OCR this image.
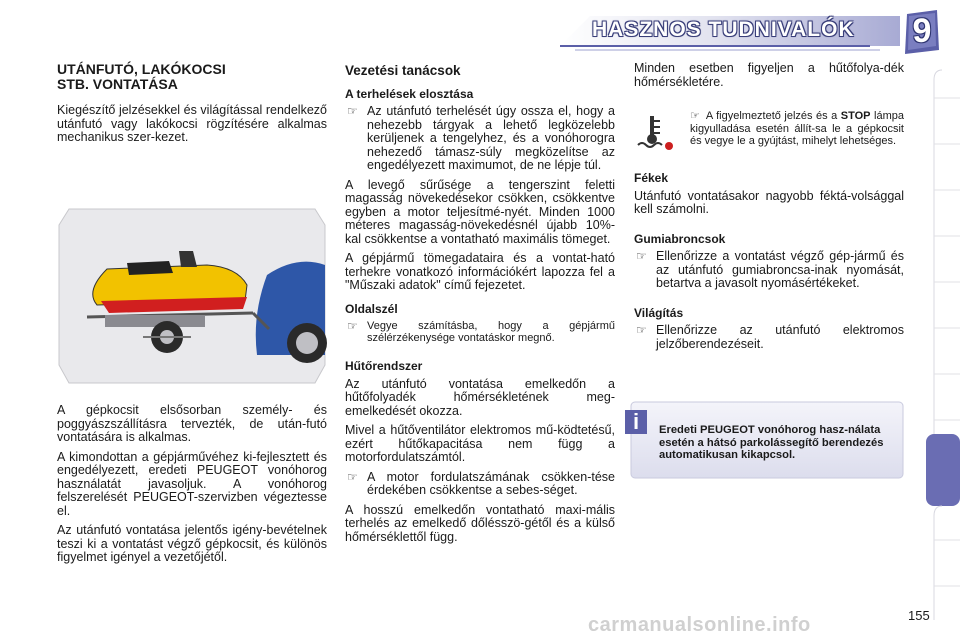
HASZNOS TUDNIVALÓK 9
UTÁNFUTÓ, LAKÓKOCSI
STB. VONTATÁSA

Kiegészítő jelzésekkel és világítással rendelkező utánfutó vagy lakókocsi rögzítésére alkalmas mechanikus szer-kezet.

A gépkocsit elsősorban személy- és poggyászszállításra tervezték, de után-futó vontatására is alkalmas.

A kimondottan a gépjárművéhez ki-fejlesztett és engedélyezett, eredeti PEUGEOT vonóhorog használatát javasoljuk. A vonóhorog felszerelését PEUGEOT-szervizben végeztesse el.

Az utánfutó vontatása jelentős igény-bevételnek teszi ki a vontatást végző gépkocsit, és különös figyelmet igényel a vezetőjétől.

Vezetési tanácsok
A terhelések elosztása
☞ Az utánfutó terhelését úgy ossza el, hogy a nehezebb tárgyak a lehető legközelebb kerüljenek a tengelyhez, és a vonóhorogra nehezedő támasz-súly megközelítse az engedélyezett maximumot, de ne lépje túl.

A levegő sűrűsége a tengerszint feletti magasság növekedésekor csökken, csökkentve egyben a motor teljesítmé-nyét. Minden 1000 méteres magasság-növekedésnél újabb 10%-kal csökkentse a vontatható maximális tömeget.

A gépjármű tömegadataira és a vontat-ható terhekre vonatkozó információkért lapozza fel a "Műszaki adatok" című fejezetet.

Oldalszél
☞ Vegye számításba, hogy a gépjármű szélérzékenysége vontatáskor megnő.
Hűtőrendszer

Az utánfutó vontatása emelkedőn a hűtőfolyadék hőmérsékletének meg-emelkedését okozza.

Mivel a hűtőventilátor elektromos mű-ködtetésű, ezért hűtőkapacitása nem függ a motorfordulatszámtól.

☞ A motor fordulatszámának csökken-tése érdekében csökkentse a sebes-séget.

A hosszú emelkedőn vontatható maxi-mális terhelés az emelkedő dőlésszö-gétől és a külső hőmérséklettől függ.

Minden esetben figyeljen a hűtőfolya-dék hőmérsékletére.

☞ A figyelmeztető jelzés és a STOP lámpa kigyulladása esetén állít-sa le a gépkocsit és vegye le a gyújtást, mihelyt lehetséges.
Fékek

Utánfutó vontatásakor nagyobb féktá-volsággal kell számolni.

Gumiabroncsok
☞ Ellenőrizze a vontatást végző gép-jármű és az utánfutó gumiabroncsa-inak nyomását, betartva a javasolt nyomásértékeket.
Világítás
☞ Ellenőrizze az utánfutó elektromos jelzőberendezéseit.
i	Eredeti PEUGEOT vonóhorog hasz-nálata esetén a hátsó parkolássegítő berendezés automatikusan kikapcsol.
155
carmanualsonline.info
